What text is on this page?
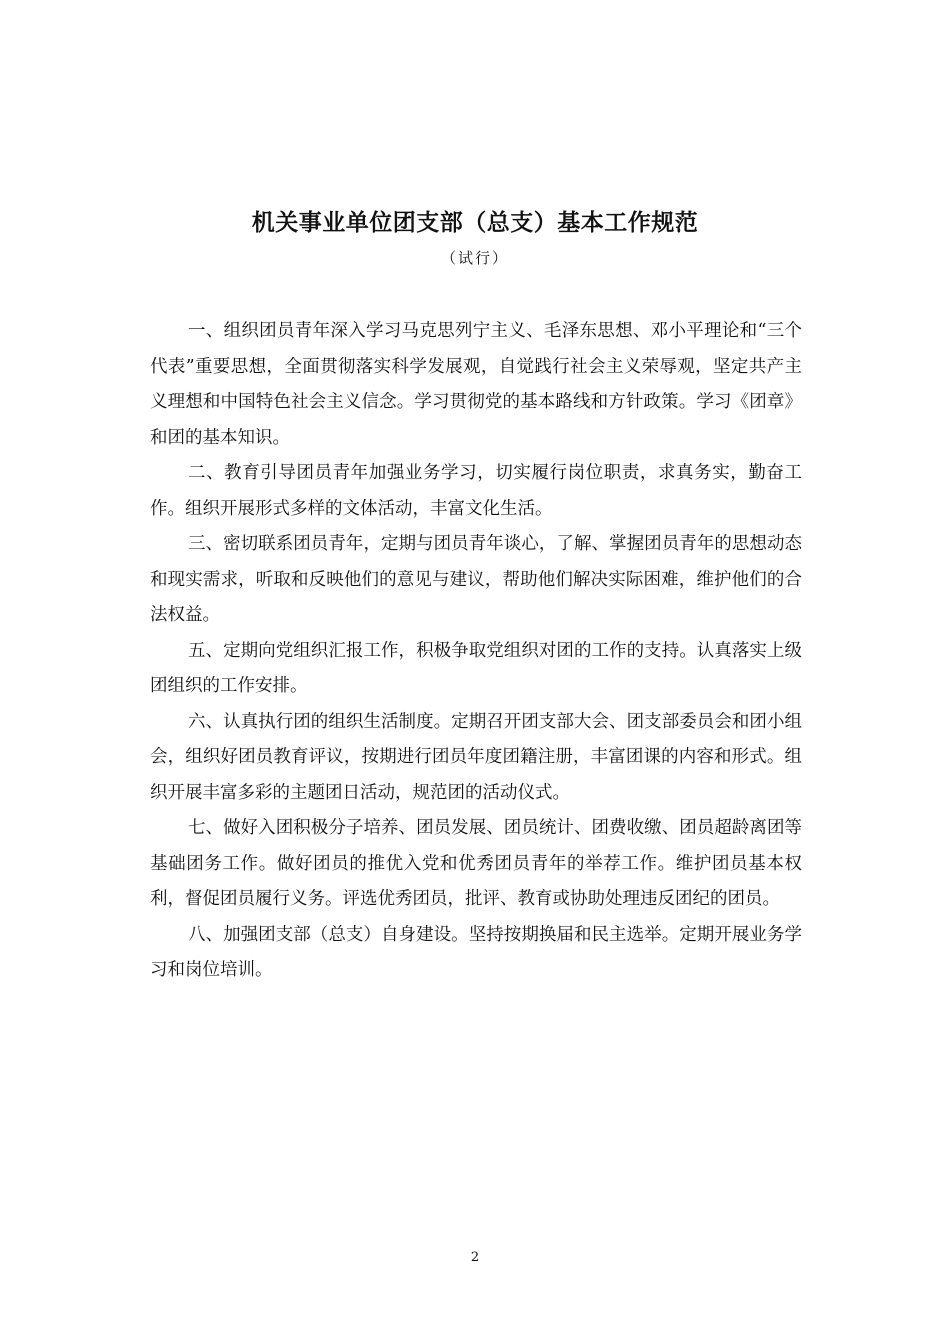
机关事业单位团支部（总支）基本工作规范
（试行）

一、组织团员青年深入学习马克思列宁主义、毛泽东思想、邓小平理论和“三个代表”重要思想，全面贯彻落实科学发展观，自觉践行社会主义荣辱观，坚定共产主义理想和中国特色社会主义信念。学习贯彻党的基本路线和方针政策。学习《团章》和团的基本知识。

二、教育引导团员青年加强业务学习，切实履行岗位职责，求真务实，勤奋工作。组织开展形式多样的文体活动，丰富文化生活。

三、密切联系团员青年，定期与团员青年谈心，了解、掌握团员青年的思想动态和现实需求，听取和反映他们的意见与建议，帮助他们解决实际困难，维护他们的合法权益。

五、定期向党组织汇报工作，积极争取党组织对团的工作的支持。认真落实上级团组织的工作安排。

六、认真执行团的组织生活制度。定期召开团支部大会、团支部委员会和团小组会，组织好团员教育评议，按期进行团员年度团籍注册，丰富团课的内容和形式。组织开展丰富多彩的主题团日活动，规范团的活动仪式。

七、做好入团积极分子培养、团员发展、团员统计、团费收缴、团员超龄离团等基础团务工作。做好团员的推优入党和优秀团员青年的举荐工作。维护团员基本权利，督促团员履行义务。评选优秀团员，批评、教育或协助处理违反团纪的团员。

八、加强团支部（总支）自身建设。坚持按期换届和民主选举。定期开展业务学习和岗位培训。

2
